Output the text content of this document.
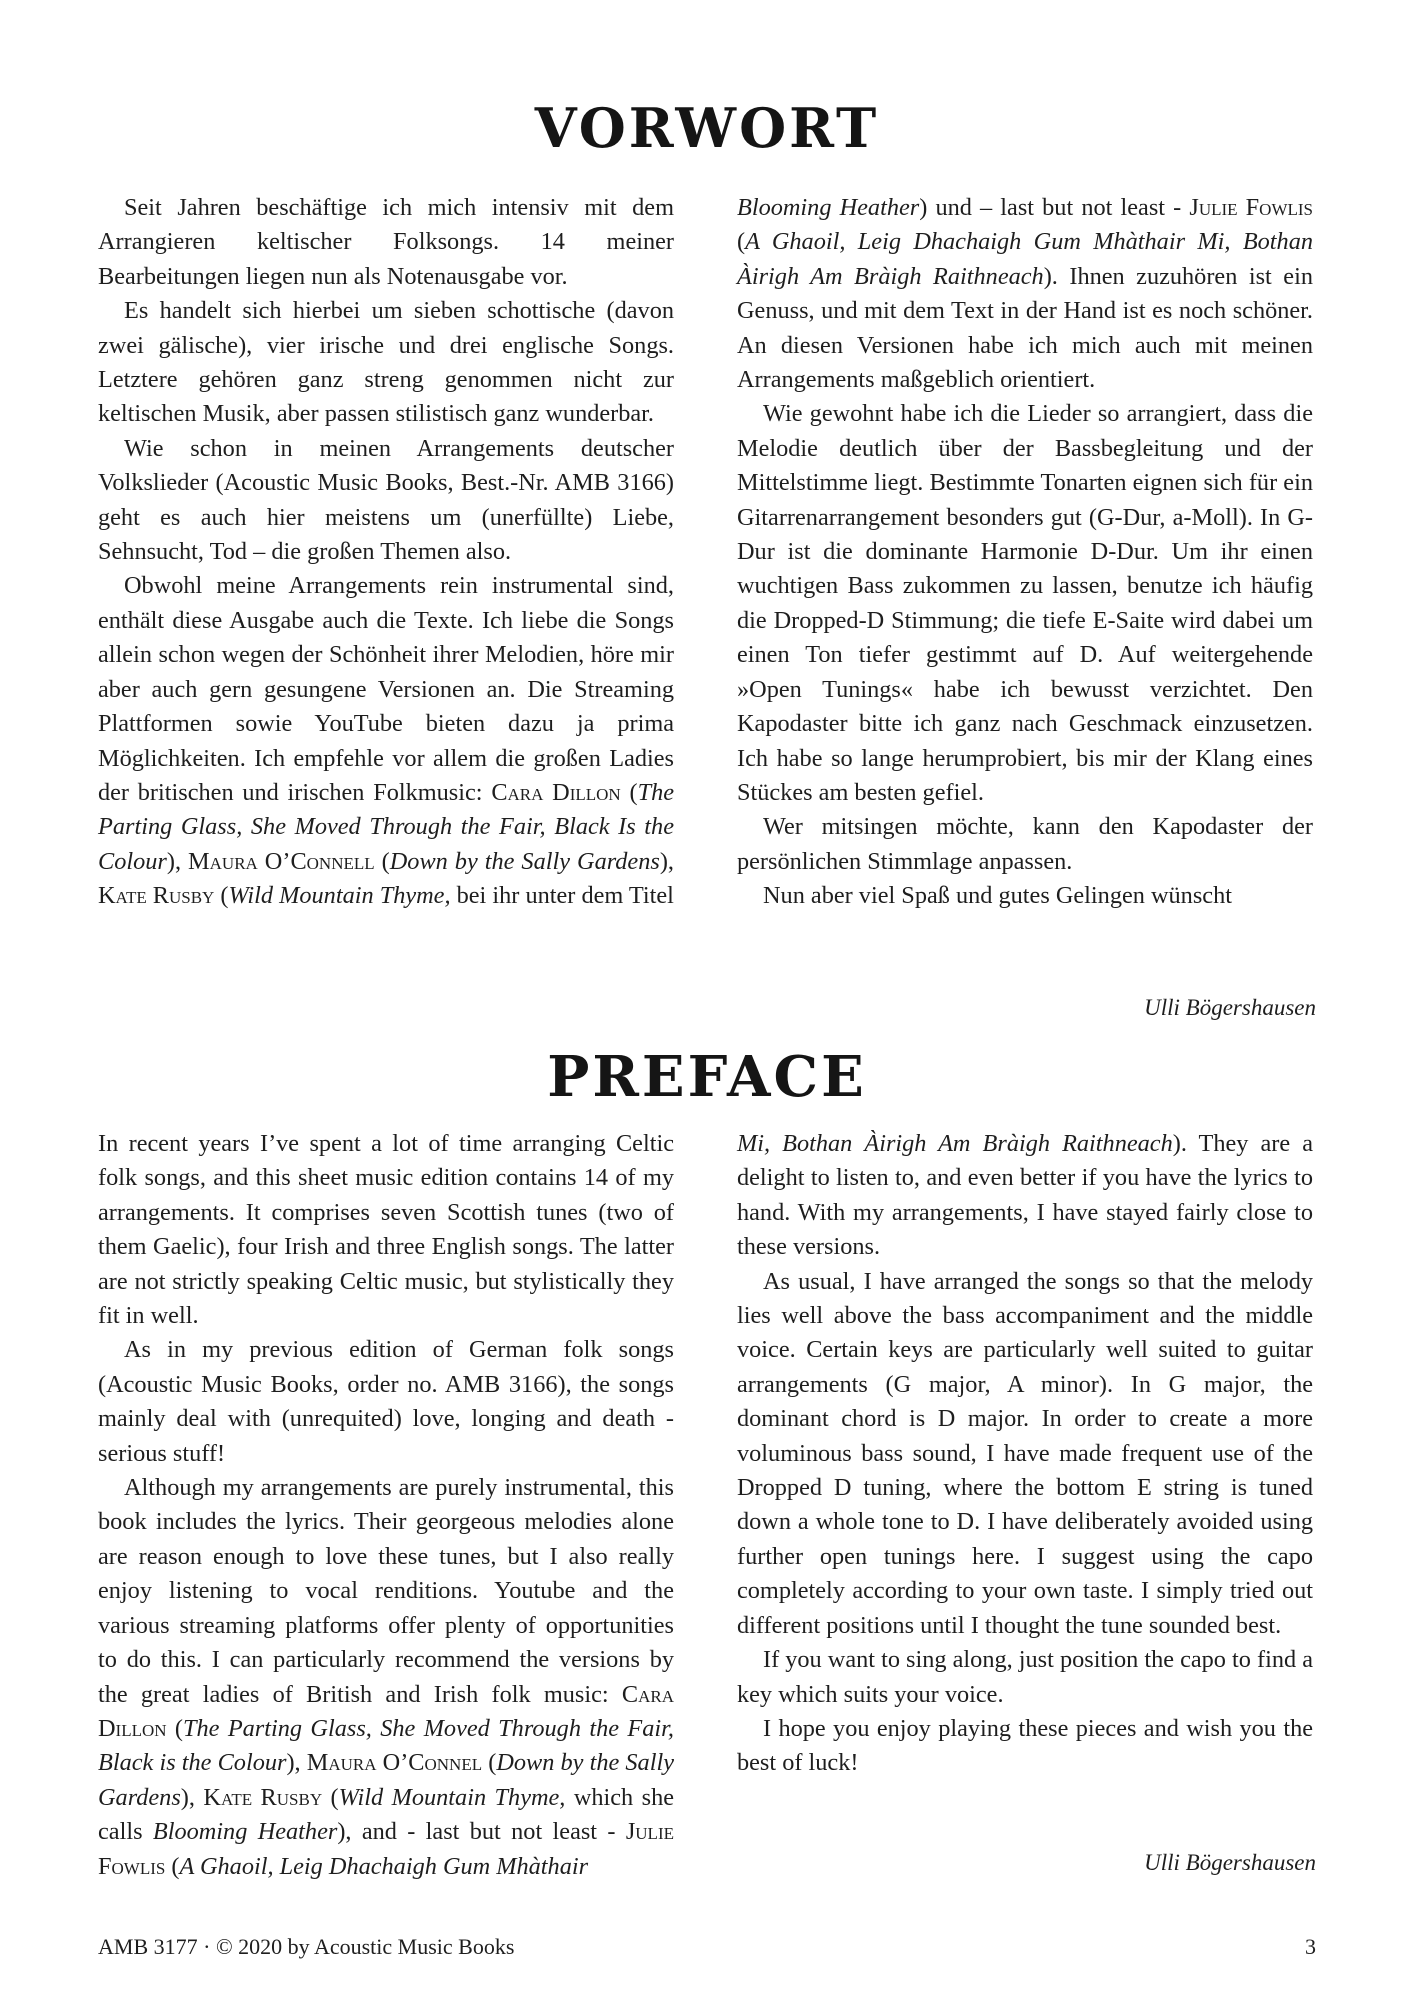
VORWORT

Seit Jahren beschäftige ich mich intensiv mit dem Arrangieren keltischer Folksongs. 14 meiner Bearbeitungen liegen nun als Notenausgabe vor.

Es handelt sich hierbei um sieben schottische (davon zwei gälische), vier irische und drei englische Songs. Letztere gehören ganz streng genommen nicht zur keltischen Musik, aber passen stilistisch ganz wunderbar.

Wie schon in meinen Arrangements deutscher Volkslieder (Acoustic Music Books, Best.-Nr. AMB 3166) geht es auch hier meistens um (unerfüllte) Liebe, Sehnsucht, Tod – die großen Themen also.

Obwohl meine Arrangements rein instrumental sind, enthält diese Ausgabe auch die Texte. Ich liebe die Songs allein schon wegen der Schönheit ihrer Melodien, höre mir aber auch gern gesungene Versionen an. Die Streaming Plattformen sowie YouTube bieten dazu ja prima Möglichkeiten. Ich empfehle vor allem die großen Ladies der britischen und irischen Folkmusic: Cara Dillon (The Parting Glass, She Moved Through the Fair, Black Is the Colour), Maura O’Connell (Down by the Sally Gardens), Kate Rusby (Wild Mountain Thyme, bei ihr unter dem Titel

Blooming Heather) und – last but not least - Julie Fowlis (A Ghaoil, Leig Dhachaigh Gum Mhàthair Mi, Bothan Àirigh Am Bràigh Raithneach). Ihnen zuzuhören ist ein Genuss, und mit dem Text in der Hand ist es noch schöner. An diesen Versionen habe ich mich auch mit meinen Arrangements maßgeblich orientiert.

Wie gewohnt habe ich die Lieder so arrangiert, dass die Melodie deutlich über der Bassbegleitung und der Mittelstimme liegt. Bestimmte Tonarten eignen sich für ein Gitarrenarrangement besonders gut (G-Dur, a-Moll). In G-Dur ist die dominante Harmonie D-Dur. Um ihr einen wuchtigen Bass zukommen zu lassen, benutze ich häufig die Dropped-D Stimmung; die tiefe E-Saite wird dabei um einen Ton tiefer gestimmt auf D. Auf weitergehende »Open Tunings« habe ich bewusst verzichtet. Den Kapodaster bitte ich ganz nach Geschmack einzusetzen. Ich habe so lange herumprobiert, bis mir der Klang eines Stückes am besten gefiel.

Wer mitsingen möchte, kann den Kapodaster der persönlichen Stimmlage anpassen.

Nun aber viel Spaß und gutes Gelingen wünscht

Ulli Bögershausen
PREFACE

In recent years I’ve spent a lot of time arranging Celtic folk songs, and this sheet music edition contains 14 of my arrangements. It comprises seven Scottish tunes (two of them Gaelic), four Irish and three English songs. The latter are not strictly speaking Celtic music, but stylistically they fit in well.

As in my previous edition of German folk songs (Acoustic Music Books, order no. AMB 3166), the songs mainly deal with (unrequited) love, longing and death - serious stuff!

Although my arrangements are purely instrumental, this book includes the lyrics. Their georgeous melodies alone are reason enough to love these tunes, but I also really enjoy listening to vocal renditions. Youtube and the various streaming platforms offer plenty of opportunities to do this. I can particularly recommend the versions by the great ladies of British and Irish folk music: Cara Dillon (The Parting Glass, She Moved Through the Fair, Black is the Colour), Maura O’Connel (Down by the Sally Gardens), Kate Rusby (Wild Mountain Thyme, which she calls Blooming Heather), and - last but not least - Julie Fowlis (A Ghaoil, Leig Dhachaigh Gum Mhàthair

Mi, Bothan Àirigh Am Bràigh Raithneach). They are a delight to listen to, and even better if you have the lyrics to hand. With my arrangements, I have stayed fairly close to these versions.

As usual, I have arranged the songs so that the melody lies well above the bass accompaniment and the middle voice. Certain keys are particularly well suited to guitar arrangements (G major, A minor). In G major, the dominant chord is D major. In order to create a more voluminous bass sound, I have made frequent use of the Dropped D tuning, where the bottom E string is tuned down a whole tone to D. I have deliberately avoided using further open tunings here. I suggest using the capo completely according to your own taste. I simply tried out different positions until I thought the tune sounded best.

If you want to sing along, just position the capo to find a key which suits your voice.

I hope you enjoy playing these pieces and wish you the best of luck!

Ulli Bögershausen
AMB 3177 · © 2020 by Acoustic Music Books	3
